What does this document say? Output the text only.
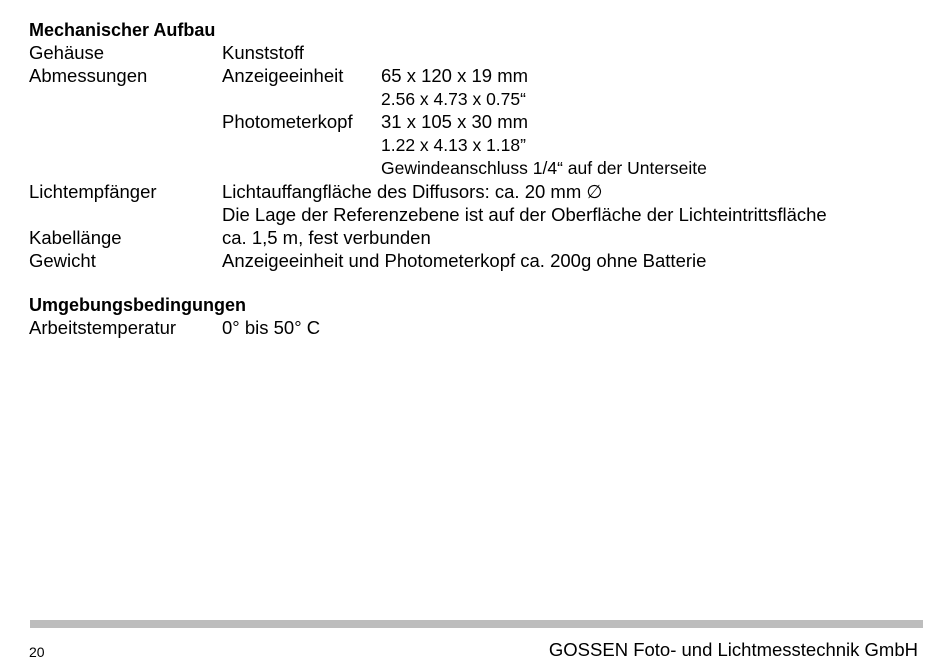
Mechanischer Aufbau
Gehäuse	Kunststoff
Abmessungen	Anzeigeeinheit 65 x 120 x 19 mm
2.56 x 4.73 x 0.75“
Photometerkopf 31 x 105 x 30 mm
1.22 x 4.13 x 1.18”
Gewindeanschluss 1/4“ auf der Unterseite
Lichtempfänger	Lichtauffangfläche des Diffusors: ca. 20 mm ∅
Die Lage der Referenzebene ist auf der Oberfläche der Lichteintrittsfläche
Kabellänge	ca. 1,5 m, fest verbunden
Gewicht	Anzeigeeinheit und Photometerkopf ca. 200g ohne Batterie
Umgebungsbedingungen
Arbeitstemperatur 0° bis 50° C
20	GOSSEN Foto- und Lichtmesstechnik GmbH
